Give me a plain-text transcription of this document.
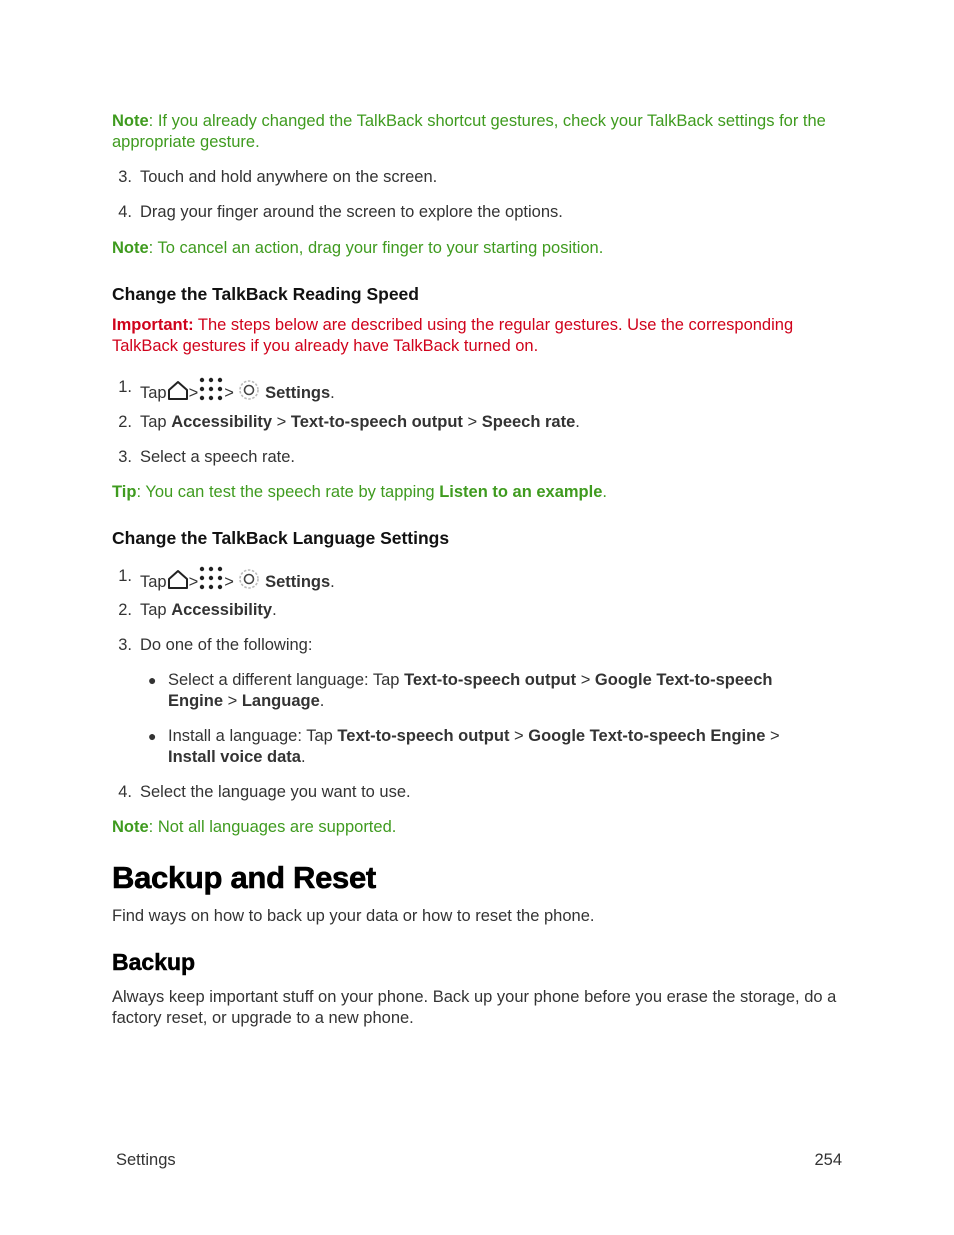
Note: If you already changed the TalkBack shortcut gestures, check your TalkBack settings for the
appropriate gesture.
3. Touch and hold anywhere on the screen.
4. Drag your finger around the screen to explore the options.
Note: To cancel an action, drag your finger to your starting position.
Change the TalkBack Reading Speed
Important: The steps below are described using the regular gestures. Use the corresponding
TalkBack gestures if you already have TalkBack turned on.
1. Tap > > Settings.
2. Tap Accessibility > Text-to-speech output > Speech rate.
3. Select a speech rate.
Tip: You can test the speech rate by tapping Listen to an example.
Change the TalkBack Language Settings
1. Tap > > Settings.
2. Tap Accessibility.
3. Do one of the following:
● Select a different language: Tap Text-to-speech output > Google Text-to-speech
Engine > Language.
● Install a language: Tap Text-to-speech output > Google Text-to-speech Engine >
Install voice data.
4. Select the language you want to use.
Note: Not all languages are supported.
Backup and Reset
Find ways on how to back up your data or how to reset the phone.
Backup
Always keep important stuff on your phone. Back up your phone before you erase the storage, do a
factory reset, or upgrade to a new phone.
Settings	254
